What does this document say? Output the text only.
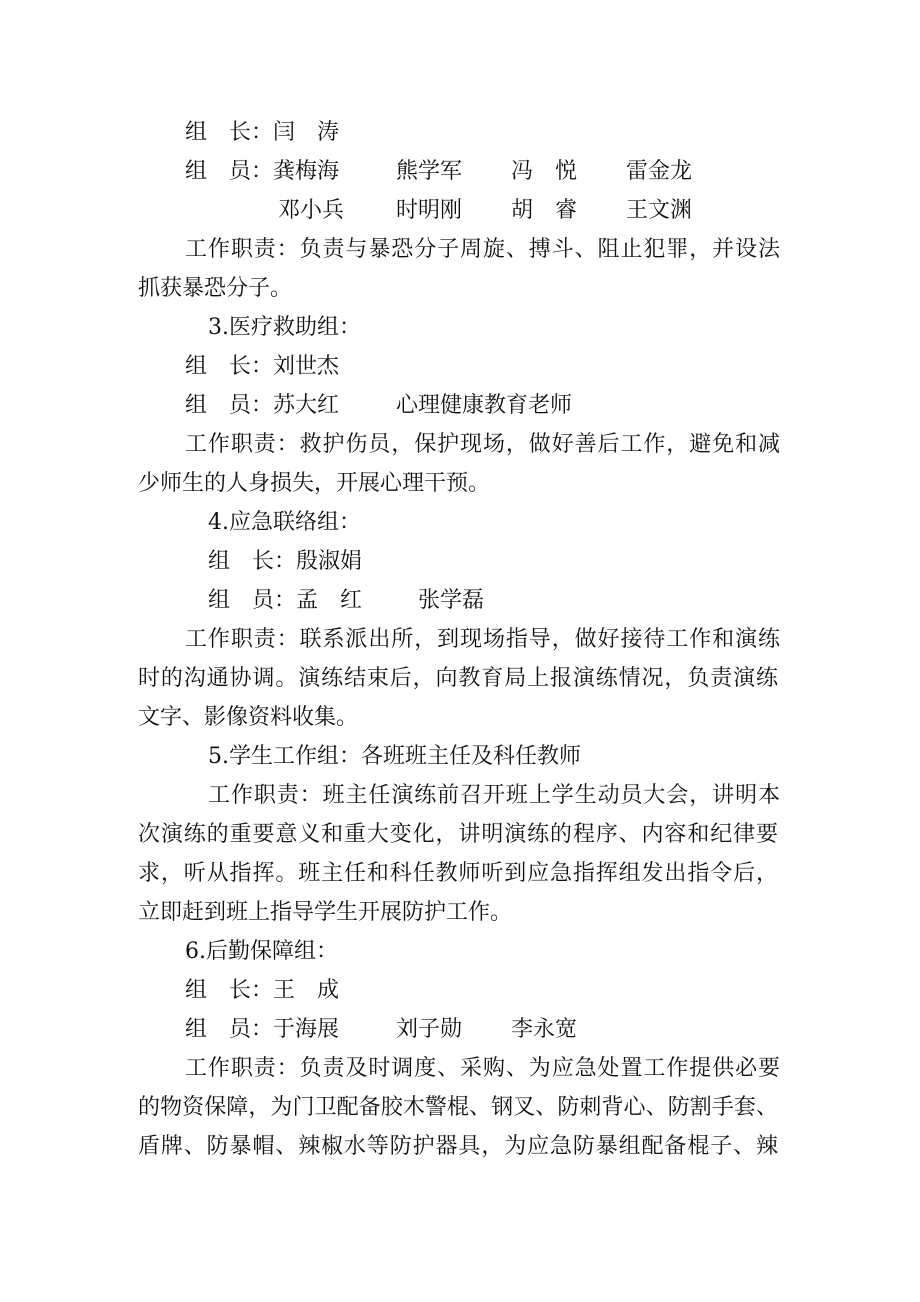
组　长：闫　涛
组　员：龚梅海	熊学军 冯　悦 雷金龙
邓小兵 时明刚 胡　睿 王文渊
工作职责：负责与暴恐分子周旋、搏斗、阻止犯罪，并设法
抓获暴恐分子。
3.医疗救助组：
组　长：刘世杰
组　员：苏大红	心理健康教育老师
工作职责：救护伤员，保护现场，做好善后工作，避免和减
少师生的人身损失，开展心理干预。
4.应急联络组：
组　长：殷淑娟
组　员：孟　红	张学磊
工作职责：联系派出所，到现场指导，做好接待工作和演练
时的沟通协调。演练结束后，向教育局上报演练情况，负责演练
文字、影像资料收集。
5.学生工作组：各班班主任及科任教师
工作职责：班主任演练前召开班上学生动员大会，讲明本
次演练的重要意义和重大变化，讲明演练的程序、内容和纪律要
求，听从指挥。班主任和科任教师听到应急指挥组发出指令后，
立即赶到班上指导学生开展防护工作。
6.后勤保障组：
组　长：王　成
组　员：于海展	刘子勋 李永宽
工作职责：负责及时调度、采购、为应急处置工作提供必要
的物资保障，为门卫配备胶木警棍、钢叉、防刺背心、防割手套、
盾牌、防暴帽、辣椒水等防护器具，为应急防暴组配备棍子、辣
